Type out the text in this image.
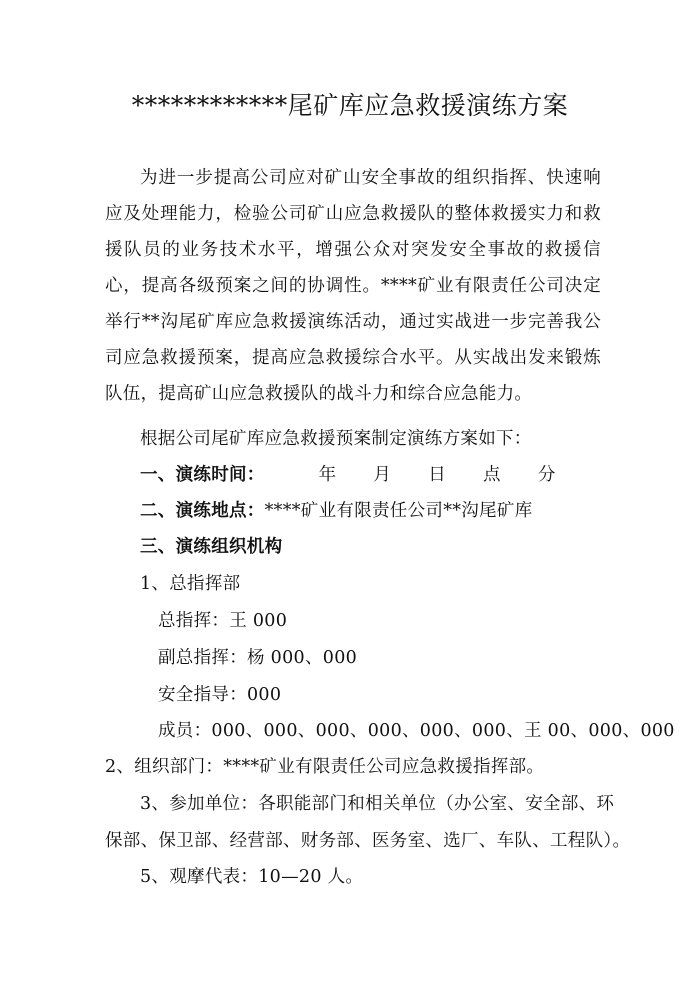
************尾矿库应急救援演练方案

为进一步提高公司应对矿山安全事故的组织指挥、快速响应及处理能力，检验公司矿山应急救援队的整体救援实力和救援队员的业务技术水平，增强公众对突发安全事故的救援信心，提高各级预案之间的协调性。****矿业有限责任公司决定举行**沟尾矿库应急救援演练活动，通过实战进一步完善我公司应急救援预案，提高应急救援综合水平。从实战出发来锻炼队伍，提高矿山应急救援队的战斗力和综合应急能力。

根据公司尾矿库应急救援预案制定演练方案如下：
一、演练时间：	年 月 日 点 分
二、演练地点：****矿业有限责任公司**沟尾矿库
三、演练组织机构
1、总指挥部
总指挥：王 000
副总指挥：杨 000、000
安全指导：000
成员：000、000、000、000、000、000、王 00、000、000
2、组织部门：****矿业有限责任公司应急救援指挥部。
3、参加单位：各职能部门和相关单位（办公室、安全部、环
保部、保卫部、经营部、财务部、医务室、选厂、车队、工程队）。
5、观摩代表：10—20 人。
